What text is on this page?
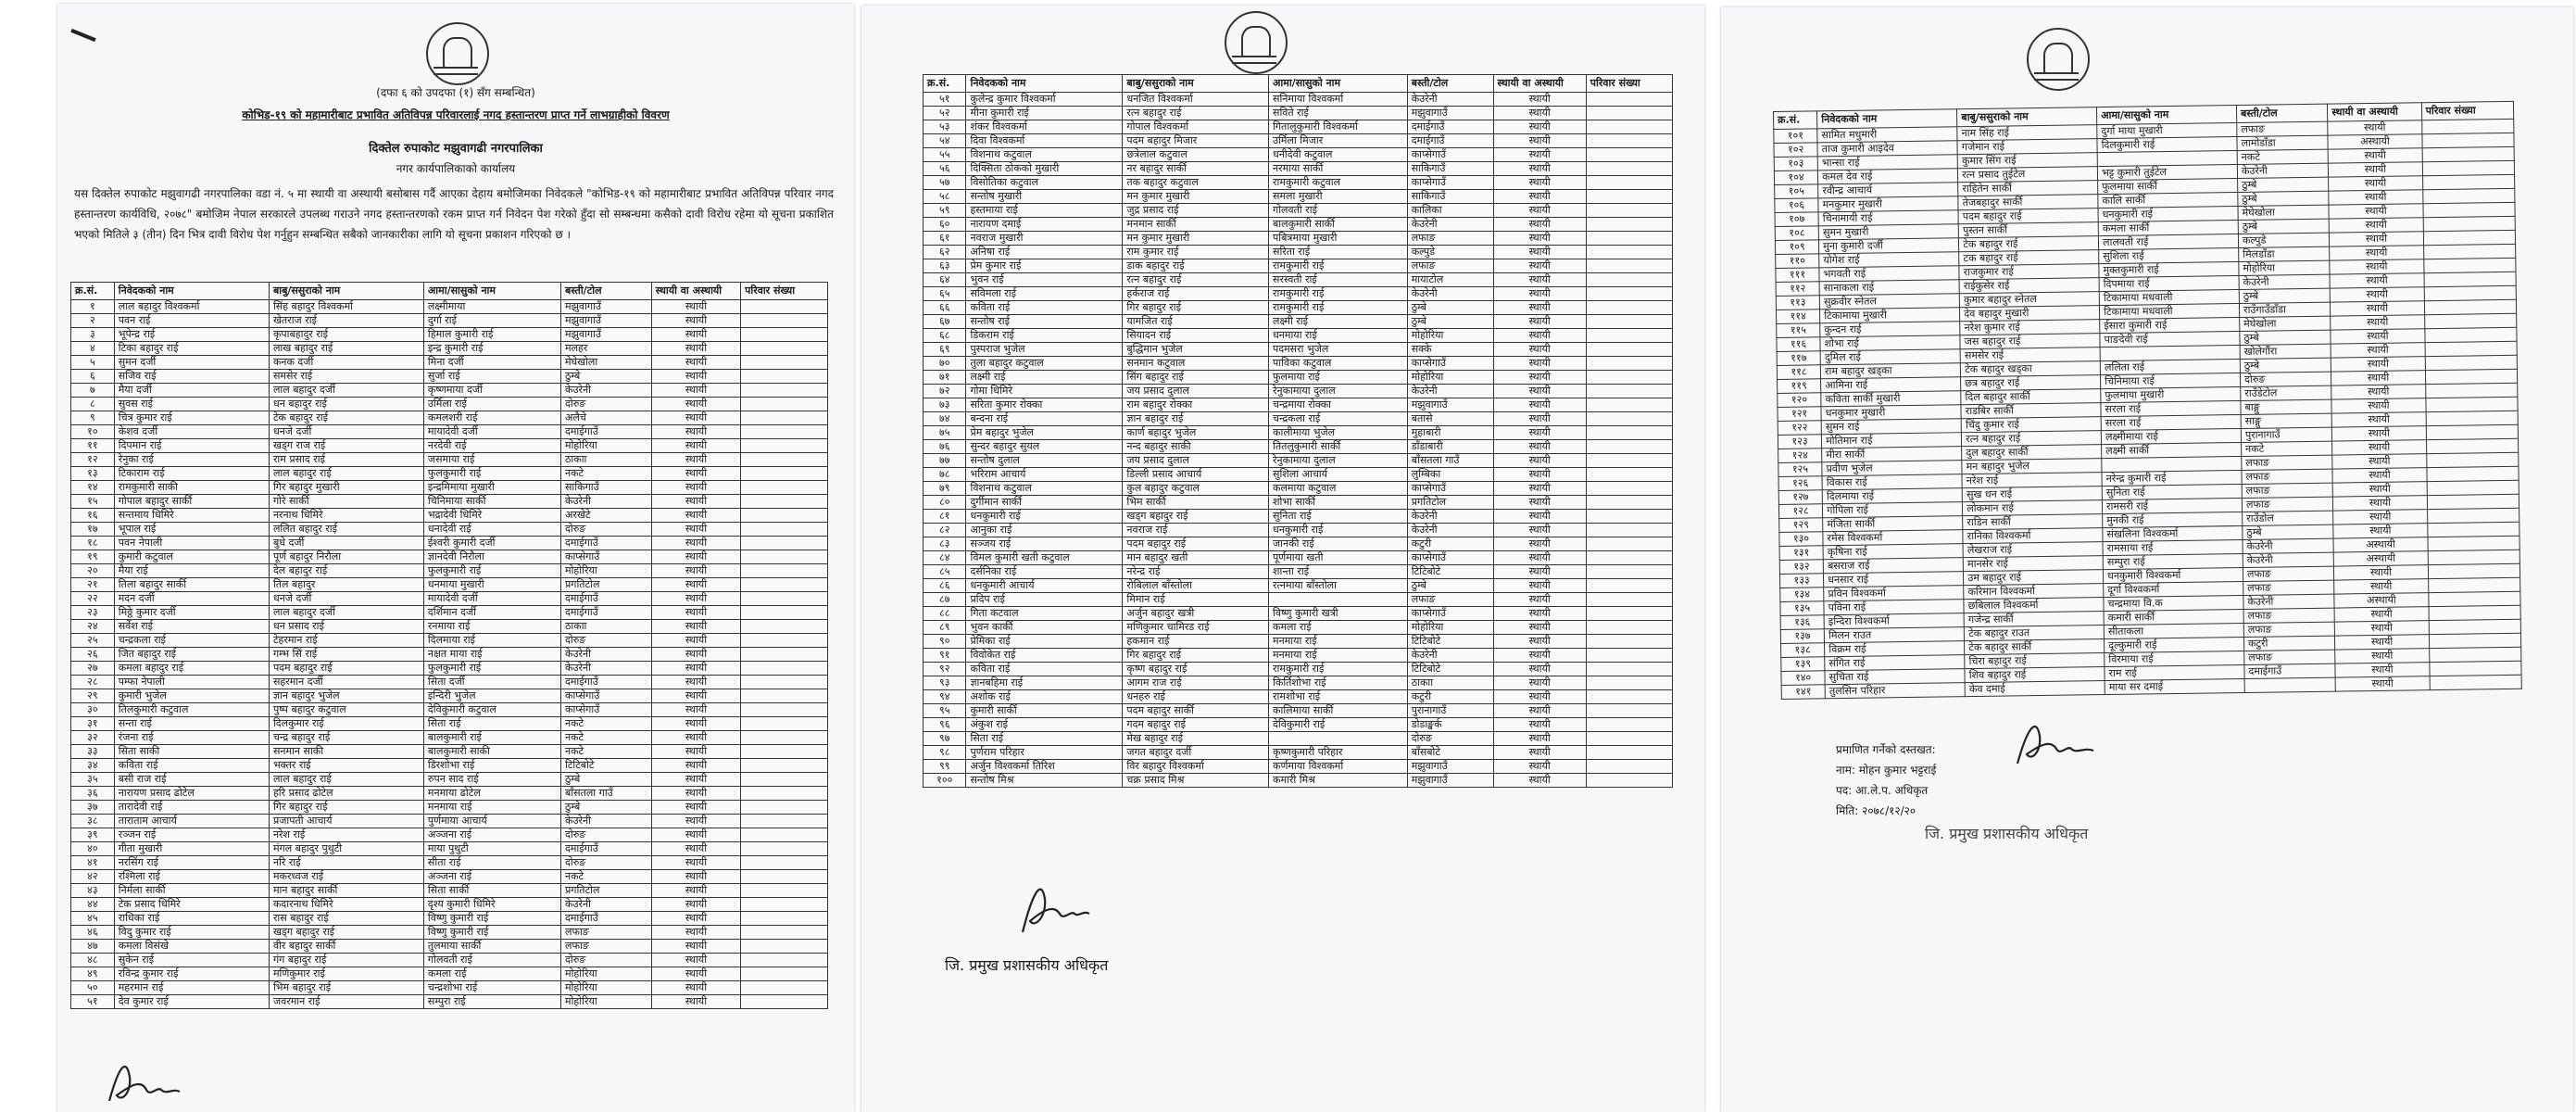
(दफा ६ को उपदफा (१) सँग सम्बन्धित)
कोभिड-१९ को महामारीबाट प्रभावित अतिविपन्न परिवारलाई नगद हस्तान्तरण प्राप्त गर्ने लाभग्राहीको विवरण
दिक्तेल रुपाकोट मझुवागढी नगरपालिका
नगर कार्यपालिकाको कार्यालय
यस दिक्तेल रुपाकोट मझुवागढी नगरपालिका वडा नं. ५ मा स्थायी वा अस्थायी बसोबास गर्दै आएका देहाय बमोजिमका निवेदकले "कोभिड-१९ को महामारीबाट प्रभावित अतिविपन्न परिवार नगद हस्तान्तरण कार्यविधि, २०७८" बमोजिम नेपाल सरकारले उपलब्ध गराउने नगद हस्तान्तरणको रकम प्राप्त गर्न निवेदन पेश गरेको हुँदा सो सम्बन्धमा कसैको दावी विरोध रहेमा यो सूचना प्रकाशित भएको मितिले ३ (तीन) दिन भित्र दावी विरोध पेश गर्नुहुन सम्बन्धित सबैको जानकारीका लागि यो सूचना प्रकाशन गरिएको छ ।
क्र.सं.	निवेदकको नाम	बाबु/ससुराको नाम	आमा/सासुको नाम	बस्ती/टोल	स्थायी वा अस्थायी	परिवार संख्या
१	लाल बहादुर विश्वकर्मा	सिंह बहादुर विश्वकर्मा	लक्ष्मीमाया	मझुवागाउँ	स्थायी	
२	पवन राई	खेतराज राई	दुर्गा राई	मझुवागाउँ	स्थायी	
३	भूपेन्द्र राई	कृपाबहादुर राई	हिमाल कुमारी राई	मझुवागाउँ	स्थायी	
४	टिका बहादुर राई	लाख बहादुर राई	इन्द्र कुमारी राई	मलहर	स्थायी	
५	सुमन दर्जी	कनक दर्जी	मिना दर्जी	मेघेखोला	स्थायी	
६	सजिव राई	समसेर राई	सुर्जा राई	ठुम्बे	स्थायी	
७	मैया दर्जी	लाल बहादुर दर्जी	कृष्णमाया दर्जी	केउरेनी	स्थायी	
८	सुवस राई	धन बहादुर राई	उर्मिला राई	दोरुङ	स्थायी	
९	चित्र कुमार राई	टेक बहादुर राई	कमलशरी राई	अलैचे	स्थायी	
१०	केशव दर्जी	धनजे दर्जी	मायादेवी दर्जी	दमाईगाउँ	स्थायी	
११	दिपमान राई	खड्ग राज राई	नरदेवी राई	मोहोरिया	स्थायी	
१२	रेनुका राई	राम प्रसाद राई	जसमाया राई	ठाकाा	स्थायी	
१३	टिकाराम राई	लाल बहादुर राई	फुलकुमारी राई	नकटे	स्थायी	
१४	रामकुमारी साकी	गिर बहादुर मुखारी	इन्द्रमिमाया मुखारी	साकिगाउँ	स्थायी	
१५	गोपाल बहादुर सार्की	गोरे सार्की	चिनिमाया सार्की	केउरेनी	स्थायी	
१६	सन्तमाय धिमिरे	नरनाथ धिमिरे	भद्रादेवी धिमिरे	अरखेटे	स्थायी	
१७	भूपाल राई	ललित बहादुर राई	धनादेवी राई	दोरुङ	स्थायी	
१८	पवन नेपाली	बुधे दर्जी	ईश्वरी कुमारी दर्जी	दमाईगाउँ	स्थायी	
१९	कुमारी कटुवाल	पूर्ण बहादुर निरौला	ज्ञानदेवी निरौला	काप्सेगाउँ	स्थायी	
२०	मैया राई	देल बहादुर राई	फुलकुमारी राई	मोहोरिया	स्थायी	
२१	तिला बहादुर सार्की	तिल बहादुर	धनमाया मुखारी	प्रगतिटोल	स्थायी	
२२	मदन दर्जी	धनजे दर्जी	मायादेवी दर्जी	दमाईगाउँ	स्थायी	
२३	मिठ्ठे कुमार दर्जी	लाल बहादुर दर्जी	दर्शिमान दर्जी	दमाईगाउँ	स्थायी	
२४	सर्वेश राई	धन प्रसाद राई	रनमाया राई	ठाकाा	स्थायी	
२५	चन्द्रकला राई	टेहरमान राई	दिलमाया राई	दोरुङ	स्थायी	
२६	जित बहादुर राई	गम्भ सिं राई	नक्षत माया राई	केउरेनी	स्थायी	
२७	कमला बहादुर राई	पदम बहादुर राई	फुलकुमारी राई	केउरेनी	स्थायी	
२८	पम्फा नेपाली	सहरमान दर्जी	सिता दर्जी	दमाईगाउँ	स्थायी	
२९	कुमारी भुजेल	ज्ञान बहादुर भुजेल	इन्दिरी भुजेल	काप्सेगाउँ	स्थायी	
३०	तिलकुमारी कटुवाल	पुष्प बहादुर कटुवाल	देविकुमारी कटुवाल	काप्सेगाउँ	स्थायी	
३१	सन्ता राई	दिलकुमार राई	सिता राई	नकटे	स्थायी	
३२	रंजना राई	चन्द्र बहादुर राई	बालकुमारी राई	नकटे	स्थायी	
३३	सिता साकी	सनमान साकी	बालकुमारी साकी	नकटे	स्थायी	
३४	कविता राई	भक्तर राई	डिरशोभा राई	टिटिबोटे	स्थायी	
३५	बसी राज राई	लाल बहादुर राई	रुपन साद राई	ठुम्बे	स्थायी	
३६	नारायण प्रसाद ढोटेल	हरि प्रसाद ढोटेल	मनमाया ढोटेल	बाँसतला गाउँ	स्थायी	
३७	तारादेवी राई	गिर बहादुर राई	मनमाया राई	ठुम्बे	स्थायी	
३८	ताराताम आचार्य	प्रजापती आचार्य	पुर्णमाया आचार्य	केउरेनी	स्थायी	
३९	रञ्जन राई	नरेश राई	अञ्जना राई	दोरुङ	स्थायी	
४०	गीता मुखारी	मंगल बहादुर पुथुटी	माया पुथुटी	दमाईगाउँ	स्थायी	
४१	नरसिंग राई	नरि राई	सीता राई	दोरुङ	स्थायी	
४२	रश्मिला राई	मकरध्वज राई	अञ्जना राई	नकटे	स्थायी	
४३	निर्मला सार्की	मान बहादुर सार्की	सिता सार्की	प्रगतिटोल	स्थायी	
४४	टेक प्रसाद धिमिरे	कदारनाथ धिमिरे	दृश्य कुमारी धिमिरे	केउरेनी	स्थायी	
४५	राधिका राई	रास बहादुर राई	विष्णु कुमारी राई	दमाईगाउँ	स्थायी	
४६	विदु कुमार राई	खड्ग बहादुर राई	विष्णु कुमारी राई	लफाङ	स्थायी	
४७	कमला विसंखे	वीर बहादुर सार्की	तुलमाया सार्की	लफाङ	स्थायी	
४८	सुकेन राई	गंग बहादुर राई	गोलवती राई	दोरुङ	स्थायी	
४९	रविन्द्र कुमार राई	मणिकुमार राई	कमला राई	मोहोरिया	स्थायी	
५०	महरमान राई	भिम बहादुर राई	चन्द्रशोभा राई	मोहोरिया	स्थायी	
५१	देव कुमार राई	जवरमान राई	सम्पुरा राई	मोहोरिया	स्थायी	
क्र.सं.	निवेदकको नाम	बाबु/ससुराको नाम	आमा/सासुको नाम	बस्ती/टोल	स्थायी वा अस्थायी	परिवार संख्या
५१	कुलेन्द्र कुमार विश्वकर्मा	धनजित विश्वकर्मा	सनिमाया विश्वकर्मा	केउरेनी	स्थायी	
५२	मीना कुमारी राई	रत्न बहादुर राई	सविते राई	मझुवागाउँ	स्थायी	
५३	शंकर विश्वकर्मा	गोपाल विश्वकर्मा	गितालुकुमारी विश्वकर्मा	दमाईगाउँ	स्थायी	
५४	दिवा विश्वकर्मा	पदम बहादुर मिजार	उर्मिला मिजार	दमाईगाउँ	स्थायी	
५५	विशनाथ कटुवाल	छत्रेलाल कटुवाल	धनीदेवी कटुवाल	काप्सेगाउँ	स्थायी	
५६	दिक्सिता ठोकको मुखारी	नर बहादुर सार्की	नरमाया सार्की	साकिगाउँ	स्थायी	
५७	विसोतिका कटुवाल	तक बहादुर कटुवाल	रामकुमारी कटुवाल	काप्सेगाउँ	स्थायी	
५८	सन्तोष मुखारी	मन कुमार मुखारी	समला मुखारी	साकिगाउँ	स्थायी	
५९	हस्तमाया राई	जुद्र प्रसाद राई	गोलवती राई	कालिका	स्थायी	
६०	नारायण दमाई	मनमान सार्की	बालकुमारी सार्की	केउरेनी	स्थायी	
६१	नवराज मुखारी	मन कुमार मुखारी	पबित्रमाया मुखारी	लफाङ	स्थायी	
६२	अनिषा राई	राम कुमार राई	सरिता राई	कल्पुडे	स्थायी	
६३	प्रेम कुमार राई	डाक बहादुर राई	रामकुमारी राई	लफाङ	स्थायी	
६४	भुवन राई	रत्न बहादुर राई	सरस्वती राई	मायाटोल	स्थायी	
६५	सविमला राई	हर्कराज राई	रामकुमारी राई	केउरेनी	स्थायी	
६६	कविता राई	गिर बहादुर राई	रामकुमारी राई	ठुम्बे	स्थायी	
६७	सन्तोष राई	यामजित राई	लक्ष्मी राई	ठुम्बे	स्थायी	
६८	डिकराम राई	सियादन राई	धनमाया राई	मोहोरिया	स्थायी	
६९	पुस्पराज भुजेल	बुद्धिमान भुजेल	पदमसरा भुजेल	सक्के	स्थायी	
७०	तुला बहादुर कटुवाल	सनमान कटुवाल	पाविका कटुवाल	काप्सेगाउँ	स्थायी	
७१	लक्ष्मी राई	सिंग बहादुर राई	फुलमाया राई	मोहोरिया	स्थायी	
७२	गोमा धिमिरे	जय प्रसाद दुलाल	रेनुकामाया दुलाल	केउरेनी	स्थायी	
७३	सरिता कुमार रोक्का	राम बहादुर रोक्का	चन्द्रमाया रोक्का	मझुवागाउँ	स्थायी	
७४	बन्दना राई	ज्ञान बहादुर राई	चन्द्रकला राई	बतासे	स्थायी	
७५	प्रेम बहादुर भुजेल	कार्ण बहादुर भुजेल	कालीमाया भुजेल	मुहाबारी	स्थायी	
७६	सुन्दर बहादुर सुयल	नन्द बहादुर साकी	तितलुकुमारी सार्की	डाँडाबारी	स्थायी	
७७	सन्तोष दुलाल	जय प्रसाद दुलाल	रेनुकामाया दुलाल	बाँसतला गाउँ	स्थायी	
७८	भरिराम आचार्य	डिल्ली प्रसाद आचार्य	सुशिला आचार्य	लुम्बिका	स्थायी	
७९	विशनाथ कटुवाल	कुल बहादुर कटुवाल	कलमाया कटुवाल	काप्सेगाउँ	स्थायी	
८०	दुर्गीमान सार्की	भिम सार्की	शोभा सार्की	प्रगतिटोल	स्थायी	
८१	धनकुमारी राई	खड्ग बहादुर राई	सुनिता राई	केउरेनी	स्थायी	
८२	आनुका राई	नवराज राई	धनकुमारी राई	केउरेनी	स्थायी	
८३	सञ्जय राई	पदम बहादुर राई	जानकी राई	कटुरी	स्थायी	
८४	विमल कुमारी खती कटुवाल	मान बहादुर खती	पूर्णमाया खती	काप्सेगाउँ	स्थायी	
८५	दर्सनिका राई	नरेन्द्र राई	शान्ता राई	टिटिबोटे	स्थायी	
८६	धनकुमारी आचार्य	रोबिलाल बाँस्तोला	रत्नमाया बाँस्तोला	ठुम्बे	स्थायी	
८७	प्रदिप राई	मिमान राई		लफाङ	स्थायी	
८८	गिता कटवाल	अर्जुन बहादुर खत्री	विष्णु कुमारी खत्री	काप्सेगाउँ	स्थायी	
८९	भुवन कार्की	मणिकुमार चामिरड राई	कमला राई	मोहोरिया	स्थायी	
९०	प्रेमिका राई	हकमान राई	मनमाया राई	टिटिबोटे	स्थायी	
९१	विवोकेत राई	गिर बहादुर राई	मनमाया राई	केउरेनी	स्थायी	
९२	कविता राई	कृष्ण बहादुर राई	रामकुमारी राई	टिटिबोटे	स्थायी	
९३	ज्ञानबहिमा राई	आगम राज राई	किर्तिशोभा राई	ठाकाा	स्थायी	
९४	अशोक राई	धनहरु राई	रामशोभा राई	कटुरी	स्थायी	
९५	कुमारी सार्की	पदम बहादुर सार्की	कालिमाया सार्की	पुरानागाउँ	स्थायी	
९६	अंकुश राई	गदम बहादुर राई	देविकुमारी राई	डोडाङ्खर्क	स्थायी	
९७	सिता राई	मेख बहादुर राई		दोरुङ	स्थायी	
९८	पुर्णराम परिहार	जगत बहादुर दर्जी	कृष्णकुमारी परिहार	बाँसबोटे	स्थायी	
९९	अर्जुन विश्वकर्मा तिरिश	विर बहादुर विश्वकर्मा	कर्णमाया विश्वकर्मा	मझुवागाउँ	स्थायी	
१००	सन्तोष मिश्र	चक्र प्रसाद मिश्र	कमारी मिश्र	मझुवागाउँ	स्थायी	
जि. प्रमुख प्रशासकीय अधिकृत
क्र.सं.	निवेदकको नाम	बाबु/ससुराको नाम	आमा/सासुको नाम	बस्ती/टोल	स्थायी वा अस्थायी	परिवार संख्या
१०१	सामित मधुमारी	नाम सिंह राई	दुर्गा माया मुखारी	लफाङ	स्थायी	
१०२	ताज कुमारी आइदेव	गजेमान राई	दिलकुमारी राई	लामोडाँडा	अस्थायी	
१०३	भान्सा राई	कुमार सिंग राई		नकटे	स्थायी	
१०४	कमल देव राई	रत्न प्रसाद तुईटेल	भट्ट कुमारी तुईटेल	केउरेनी	स्थायी	
१०५	रवीन्द्र आचार्य	राहितेन सार्की	फुलमाया सार्की	ठुम्बे	स्थायी	
१०६	मनकुमार मुखारी	तेजबहादुर सार्की	कालि सार्की	ठुम्बे	स्थायी	
१०७	चिनामायी राई	पदम बहादुर राई	धनकुमारी राई	मेघेखोला	स्थायी	
१०८	सुमन मुखारी	पुस्तन सार्की	कमला सार्की	ठुम्बे	स्थायी	
१०९	मुना कुमारी दर्जी	टेक बहादुर राई	लालवती राई	कल्पुडे	स्थायी	
११०	योगेश राई	टक बहादुर राई	सुशिला राई	मिलडाँडा	स्थायी	
१११	भगवती राई	राजकुमार राई	मुक्तकुमारी राई	मोहोरिया	स्थायी	
११२	सानाकला राई	राईकुसेर राई	दिपमाया राई	केउरेनी	स्थायी	
११३	सुक्रवीर स्नेतल	कुमार बहादुर स्नेतल	टिकामाया मधवाली	ठुम्बे	स्थायी	
११४	टिकामाया मुखारी	देव बहादुर मुखारी	टिकामाया मधवाली	राउँगाउँडाँडा	स्थायी	
११५	कुन्दन राई	नरेश कुमार राई	ईसारा कुमारी राई	मेघेखोला	स्थायी	
११६	शोभा राई	जस बहादुर राई	पाङदेवी राई	ठुम्बे	स्थायी	
११७	दुमिल राई	समसेर राई		खोलेगौंरा	स्थायी	
११८	राम बहादुर खड्का	टेक बहादुर खड्का	ललिता राई	ठुम्बे	स्थायी	
११९	आमिना राई	छत्र बहादुर राई	चिनिमाया राई	दोरुङ	स्थायी	
१२०	कविता सार्की मुखारी	दिल बहादुर सार्की	फुलमाया मुखारी	राउँडेटोल	स्थायी	
१२१	धनकुमार मुखारी	राडबिर सार्की	सरला राई	बाङ्गु	स्थायी	
१२२	सुमन राई	चिंदु कुमार राई	सरला राई	साङ्गु	स्थायी	
१२३	मोतिमान राई	रत्न बहादुर राई	लक्ष्मीमाया राई	पुरानागाउँ	स्थायी	
१२४	मीरा सार्की	दुल बहादुर सार्की	लक्ष्मी सार्की	नकटे	स्थायी	
१२५	प्रवीण भुजेल	मन बहादुर भुजेल		लफाङ	स्थायी	
१२६	विकास राई	नरेश राई	नरेन्द्र कुमारी राई	लफाङ	स्थायी	
१२७	दिलमाया राई	सुख धन राई	सुनिता राई	लफाङ	स्थायी	
१२८	गोपिला राई	लोकमान राई	रामसरी राई	लफाङ	स्थायी	
१२९	मंजिता सार्की	राडिन सार्की	मुनकी राई	राउँडोल	स्थायी	
१३०	रमेस विश्वकर्मा	रानिका विश्वकर्मा	संखलिना विश्वकर्मा	ठुम्बे	स्थायी	
१३१	कृषिना राई	लेखराज राई	रामसाया राई	केउरेनी	अस्थायी	
१३२	बसराज राई	मानसेर राई	सम्पुरा राई	केउरेनी	अस्थायी	
१३३	धनसार राई	उम बहादुर राई	धनकुमारी विश्वकर्मा	लफाङ	स्थायी	
१३४	प्रविन विश्वकर्मा	करिमान विश्वकर्मा	दूर्गा विश्वकर्मा	लफाङ	स्थायी	
१३५	पविना राई	छबिलाल विश्वकर्मा	चन्द्रमाया वि.क	केउरेनी	अस्थायी	
१३६	इन्दिरा विश्वकर्मा	गजेन्द्र सार्की	कमारी सार्की	लफाङ	स्थायी	
१३७	मिलन राउत	टेक बहादुर राउत	सीताकला	लफाङ	स्थायी	
१३८	विक्रम राई	टेक बहादुर सार्की	दूल्कुमारी राई	कटुरी	स्थायी	
१३९	संगित राई	चिरा बहादुर राई	विरमाया राई	लफाङ	स्थायी	
१४०	सुचिता राई	शिव बहादुर राई	राम राई	दमाईगाउँ	स्थायी	
१४१	तुलसिन परिहार	केव दमाई	माया सर दमाई		स्थायी	
प्रमाणित गर्नेको दस्तखत:
नाम: मोहन कुमार भट्टराई
पद: आ.ले.प. अधिकृत
मिति: २०७८/१२/२०
जि. प्रमुख प्रशासकीय अधिकृत
